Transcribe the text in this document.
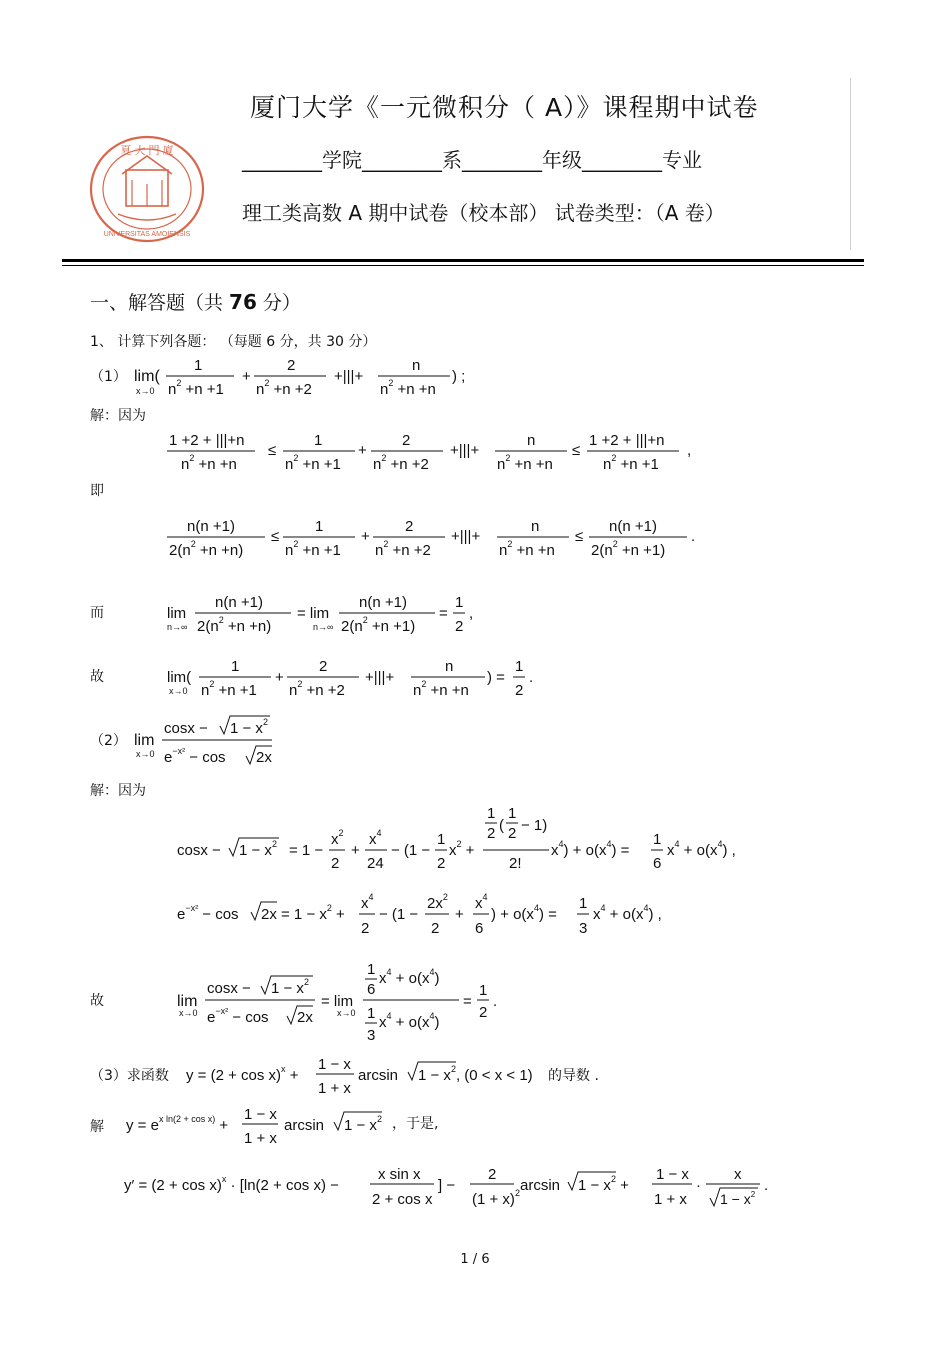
夏 大 門 廈
UNIVERSITAS AMOIENSIS
厦门大学《一元微积分（ A）》课程期中试卷
________学院________系________年级________专业
理工类高数 A 期中试卷（校本部） 试卷类型：（A 卷）
一、解答题（共 76 分）
1、 计算下列各题： （每题 6 分，共 30 分）
（1） lim(
x→0
1
$n^2 +n +1$
+
2
$n^2 +n +2$
+|||+
n
$n^2 +n +n$
) ;
解：因为
1 +2 + |||+n
$n^2 +n +n$
≤
1
$n^2 +n +1$
+
2
$n^2 +n +2$
+|||+
n
$n^2 +n +n$
≤
1 +2 + |||+n
$n^2 +n +1$
,
即
n(n +1)
$2(n^2 +n +n)$
≤
1
$n^2 +n +1$
+
2
$n^2 +n +2$
+|||+
n
$n^2 +n +n$
≤
n(n +1)
$2(n^2 +n +1)$
.
而	lim
n→∞
n(n +1)
$2(n^2 +n +n)$
= lim
n→∞
n(n +1)
$2(n^2 +n +1)$
=
1
2
,
故	lim(
x→0
1
$n^2 +n +1$
+
2
$n^2 +n +2$
+|||+
n
$n^2 +n +n$
) =
1
2
.
（2） lim
x→0
$\cos x - 1 - x^2$
$e^{-x^2} - \cos 2x$
解：因为
$\cos x - 1 - x^2 = 1$ −
$x^2$
2
+
$x^4$
24
− (1 −
1
2
$x^2$ +
1
2 (
1
2 − 1)
2!
$x^4) + o(x^4)$ =
1
6
$x^4 + o(x^4)$ ,
$e^{-x^2} - \cos 2x = 1 - x^2$ +
$x^4$
2
− (1 −
$2x^2$
2
+
$x^4$
6
) + $o(x^4)$ =
1
3
$x^4 + o(x^4)$ ,
故	lim
x→0
$\cos x - 1 - x^2$
$e^{-x^2} - \cos 2x$
= lim
x→0
1
6
$x^4 + o(x^4)$
1
3
$x^4 + o(x^4)$
=
1
2
.
（3）求函数 $y = (2 + \cos x)^x$ +
1 − x
1 + x
$\arcsin 1 - x^2$, (0 < x < 1) 的导数 .
解 $y = e^{x ln(2 + cos x)}$ +
1 − x
1 + x
$\arcsin 1 - x^2$ ，于是,
$y' = (2 + \cos x)^x \cdot [\ln(2 + \cos x)$ −
x sin x
2 + cos x
] −
2
$(1 + x)^2$ $\arcsin 1 - x^2$ +
1 − x
1 + x
·
x
$1 - x^2$
.
1 / 6
